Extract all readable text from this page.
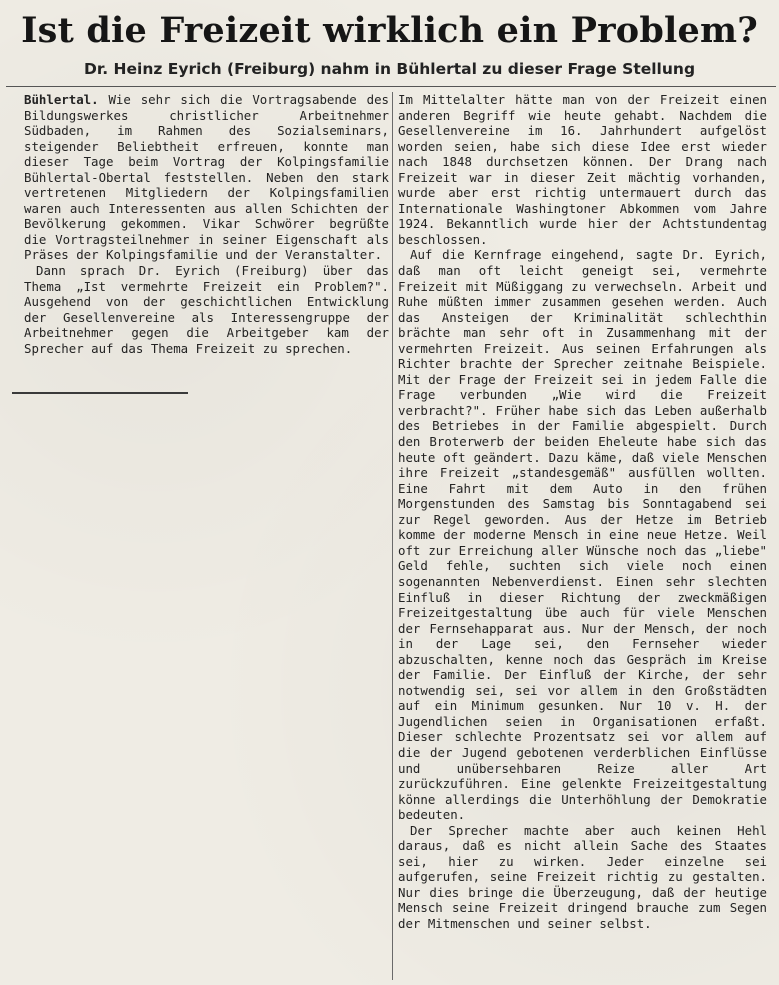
Ist die Freizeit wirklich ein Problem?
Dr. Heinz Eyrich (Freiburg) nahm in Bühlertal zu dieser Frage Stellung

Bühlertal. Wie sehr sich die Vortragsabende des Bildungswerkes christlicher Arbeitnehmer Südbaden, im Rahmen des Sozialseminars, steigender Beliebtheit erfreuen, konnte man dieser Tage beim Vortrag der Kolpingsfamilie Bühlertal-Obertal feststellen. Neben den stark vertretenen Mitgliedern der Kolpingsfamilien waren auch Interessenten aus allen Schichten der Bevölkerung gekommen. Vikar Schwörer begrüßte die Vortragsteilnehmer in seiner Eigenschaft als Präses der Kolpingsfamilie und der Veranstalter.

Dann sprach Dr. Eyrich (Freiburg) über das Thema „Ist vermehrte Freizeit ein Problem?". Ausgehend von der geschichtlichen Entwicklung der Gesellenvereine als Interessengruppe der Arbeitnehmer gegen die Arbeitgeber kam der Sprecher auf das Thema Freizeit zu sprechen.

Im Mittelalter hätte man von der Freizeit einen anderen Begriff wie heute gehabt. Nachdem die Gesellenvereine im 16. Jahrhundert aufgelöst worden seien, habe sich diese Idee erst wieder nach 1848 durchsetzen können. Der Drang nach Freizeit war in dieser Zeit mächtig vorhanden, wurde aber erst richtig untermauert durch das Internationale Washingtoner Abkommen vom Jahre 1924. Bekanntlich wurde hier der Achtstundentag beschlossen.

Auf die Kernfrage eingehend, sagte Dr. Eyrich, daß man oft leicht geneigt sei, vermehrte Freizeit mit Müßiggang zu verwechseln. Arbeit und Ruhe müßten immer zusammen gesehen werden. Auch das Ansteigen der Kriminalität schlechthin brächte man sehr oft in Zusammenhang mit der vermehrten Freizeit. Aus seinen Erfahrungen als Richter brachte der Sprecher zeitnahe Beispiele. Mit der Frage der Freizeit sei in jedem Falle die Frage verbunden „Wie wird die Freizeit verbracht?". Früher habe sich das Leben außerhalb des Betriebes in der Familie abgespielt. Durch den Broterwerb der beiden Eheleute habe sich das heute oft geändert. Dazu käme, daß viele Menschen ihre Freizeit „standesgemäß" ausfüllen wollten. Eine Fahrt mit dem Auto in den frühen Morgenstunden des Samstag bis Sonntagabend sei zur Regel geworden. Aus der Hetze im Betrieb komme der moderne Mensch in eine neue Hetze. Weil oft zur Erreichung aller Wünsche noch das „liebe" Geld fehle, suchten sich viele noch einen sogenannten Nebenverdienst. Einen sehr slechten Einfluß in dieser Richtung der zweckmäßigen Freizeitgestaltung übe auch für viele Menschen der Fernsehapparat aus. Nur der Mensch, der noch in der Lage sei, den Fernseher wieder abzuschalten, kenne noch das Gespräch im Kreise der Familie. Der Einfluß der Kirche, der sehr notwendig sei, sei vor allem in den Großstädten auf ein Minimum gesunken. Nur 10 v. H. der Jugendlichen seien in Organisationen erfaßt. Dieser schlechte Prozentsatz sei vor allem auf die der Jugend gebotenen verderblichen Einflüsse und unübersehbaren Reize aller Art zurückzuführen. Eine gelenkte Freizeitgestaltung könne allerdings die Unterhöhlung der Demokratie bedeuten.

Der Sprecher machte aber auch keinen Hehl daraus, daß es nicht allein Sache des Staates sei, hier zu wirken. Jeder einzelne sei aufgerufen, seine Freizeit richtig zu gestalten. Nur dies bringe die Überzeugung, daß der heutige Mensch seine Freizeit dringend brauche zum Segen der Mitmenschen und seiner selbst.
